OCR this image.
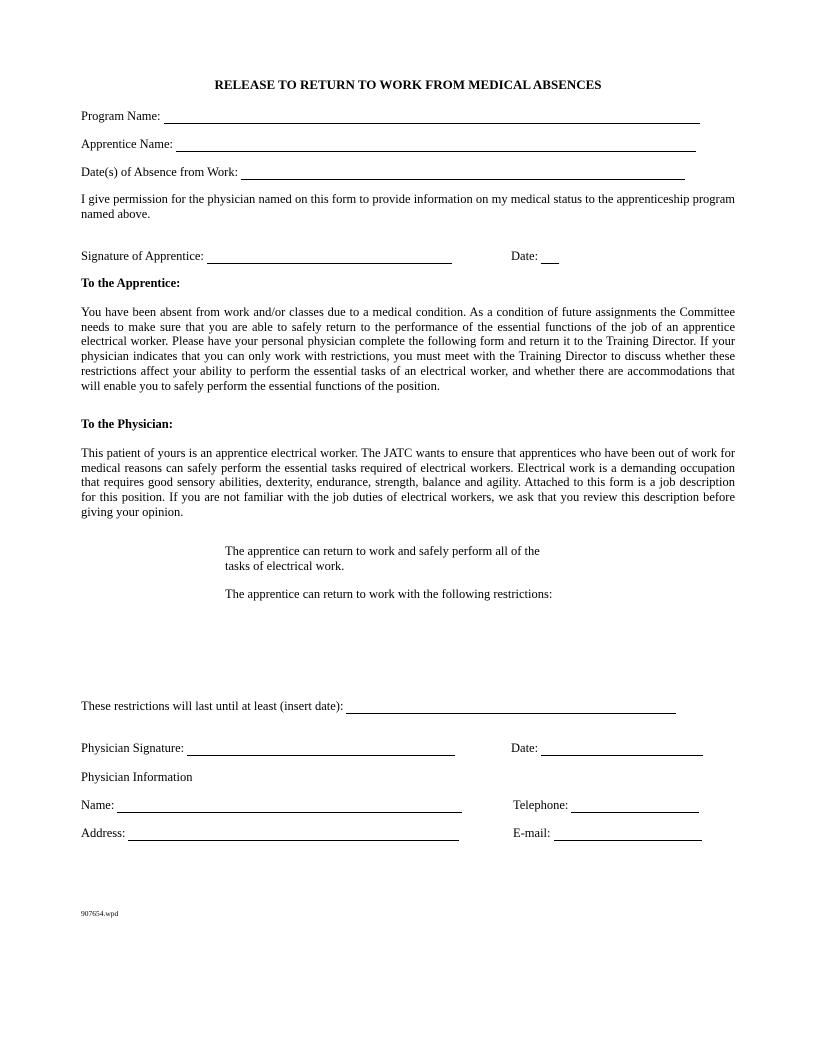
RELEASE TO RETURN TO WORK FROM MEDICAL ABSENCES
Program Name:
Apprentice Name:
Date(s) of Absence from Work:
I give permission for the physician named on this form to provide information on my medical status to the apprenticeship program named above.
Signature of Apprentice:	Date:
To the Apprentice:
You have been absent from work and/or classes due to a medical condition. As a condition of future assignments the Committee needs to make sure that you are able to safely return to the performance of the essential functions of the job of an apprentice electrical worker. Please have your personal physician complete the following form and return it to the Training Director. If your physician indicates that you can only work with restrictions, you must meet with the Training Director to discuss whether these restrictions affect your ability to perform the essential tasks of an electrical worker, and whether there are accommodations that will enable you to safely perform the essential functions of the position.
To the Physician:
This patient of yours is an apprentice electrical worker. The JATC wants to ensure that apprentices who have been out of work for medical reasons can safely perform the essential tasks required of electrical workers. Electrical work is a demanding occupation that requires good sensory abilities, dexterity, endurance, strength, balance and agility. Attached to this form is a job description for this position. If you are not familiar with the job duties of electrical workers, we ask that you review this description before giving your opinion.
The apprentice can return to work and safely perform all of the
tasks of electrical work.
The apprentice can return to work with the following restrictions:
These restrictions will last until at least (insert date):
Physician Signature:	Date:
Physician Information
Name:	Telephone:
Address:	E-mail:
907654.wpd
